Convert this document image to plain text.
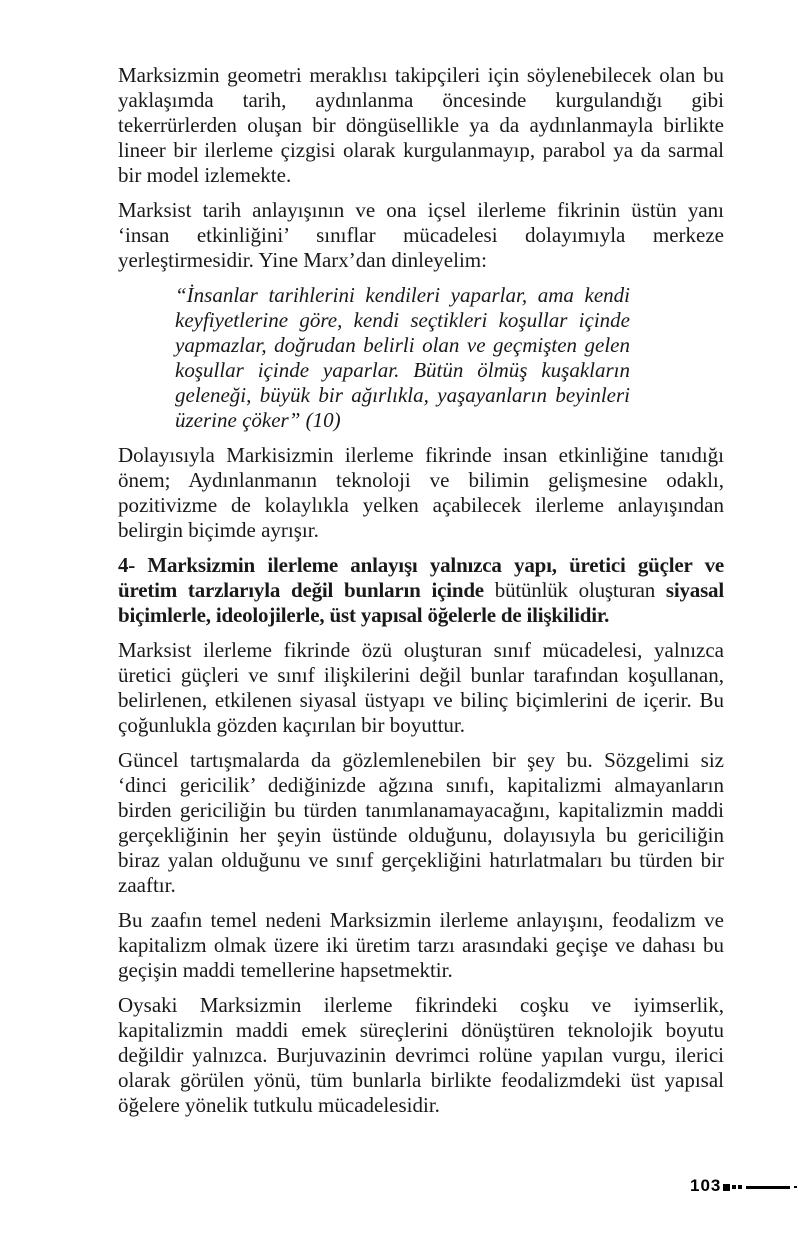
Marksizmin geometri meraklısı takipçileri için söylenebilecek olan bu yaklaşımda tarih, aydınlanma öncesinde kurgulandığı gibi tekerrürlerden oluşan bir döngüsellikle ya da aydınlanmayla birlikte lineer bir ilerleme çizgisi olarak kurgulanmayıp, parabol ya da sarmal bir model izlemekte.

Marksist tarih anlayışının ve ona içsel ilerleme fikrinin üstün yanı ‘insan etkinliğini’ sınıflar mücadelesi dolayımıyla merkeze yerleştirmesidir. Yine Marx’dan dinleyelim:

“İnsanlar tarihlerini kendileri yaparlar, ama kendi keyfiyetlerine göre, kendi seçtikleri koşullar içinde yapmazlar, doğrudan belirli olan ve geçmişten gelen koşullar içinde yaparlar. Bütün ölmüş kuşakların geleneği, büyük bir ağırlıkla, yaşayanların beyinleri üzerine çöker” (10)

Dolayısıyla Markisizmin ilerleme fikrinde insan etkinliğine tanıdığı önem; Aydınlanmanın teknoloji ve bilimin gelişmesine odaklı, pozitivizme de kolaylıkla yelken açabilecek ilerleme anlayışından belirgin biçimde ayrışır.

4- Marksizmin ilerleme anlayışı yalnızca yapı, üretici güçler ve üretim tarzlarıyla değil bunların içinde bütünlük oluşturan siyasal biçimlerle, ideolojilerle, üst yapısal öğelerle de ilişkilidir.

Marksist ilerleme fikrinde özü oluşturan sınıf mücadelesi, yalnızca üretici güçleri ve sınıf ilişkilerini değil bunlar tarafından koşullanan, belirlenen, etkilenen siyasal üstyapı ve bilinç biçimlerini de içerir. Bu çoğunlukla gözden kaçırılan bir boyuttur.

Güncel tartışmalarda da gözlemlenebilen bir şey bu. Sözgelimi siz ‘dinci gericilik’ dediğinizde ağzına sınıfı, kapitalizmi almayanların birden gericiliğin bu türden tanımlanamayacağını, kapitalizmin maddi gerçekliğinin her şeyin üstünde olduğunu, dolayısıyla bu gericiliğin biraz yalan olduğunu ve sınıf gerçekliğini hatırlatmaları bu türden bir zaaftır.

Bu zaafın temel nedeni Marksizmin ilerleme anlayışını, feodalizm ve kapitalizm olmak üzere iki üretim tarzı arasındaki geçişe ve dahası bu geçişin maddi temellerine hapsetmektir.

Oysaki Marksizmin ilerleme fikrindeki coşku ve iyimserlik, kapitalizmin maddi emek süreçlerini dönüştüren teknolojik boyutu değildir yalnızca. Burjuvazinin devrimci rolüne yapılan vurgu, ilerici olarak görülen yönü, tüm bunlarla birlikte feodalizmdeki üst yapısal öğelere yönelik tutkulu mücadelesidir.

103
